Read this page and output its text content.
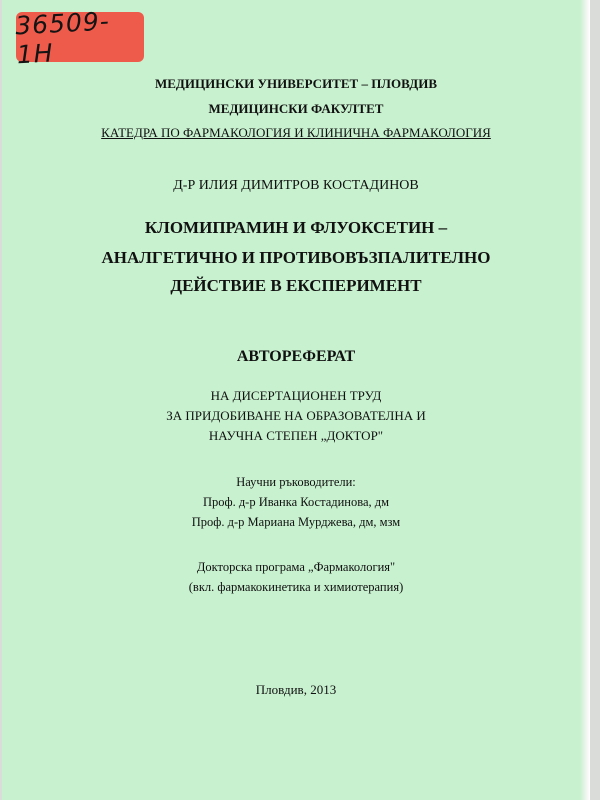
36509-1Н
МЕДИЦИНСКИ УНИВЕРСИТЕТ – ПЛОВДИВ
МЕДИЦИНСКИ ФАКУЛТЕТ
КАТЕДРА ПО ФАРМАКОЛОГИЯ И КЛИНИЧНА ФАРМАКОЛОГИЯ
Д-Р ИЛИЯ ДИМИТРОВ КОСТАДИНОВ
КЛОМИПРАМИН И ФЛУОКСЕТИН –
АНАЛГЕТИЧНО И ПРОТИВОВЪЗПАЛИТЕЛНО
ДЕЙСТВИЕ В ЕКСПЕРИМЕНТ
АВТОРЕФЕРАТ
НА ДИСЕРТАЦИОНЕН ТРУД
ЗА ПРИДОБИВАНЕ НА ОБРАЗОВАТЕЛНА И
НАУЧНА СТЕПЕН „ДОКТОР"
Научни ръководители:
Проф. д-р Иванка Костадинова, дм
Проф. д-р Мариана Мурджева, дм, мзм
Докторска програма „Фармакология"
(вкл. фармакокинетика и химиотерапия)
Пловдив, 2013
